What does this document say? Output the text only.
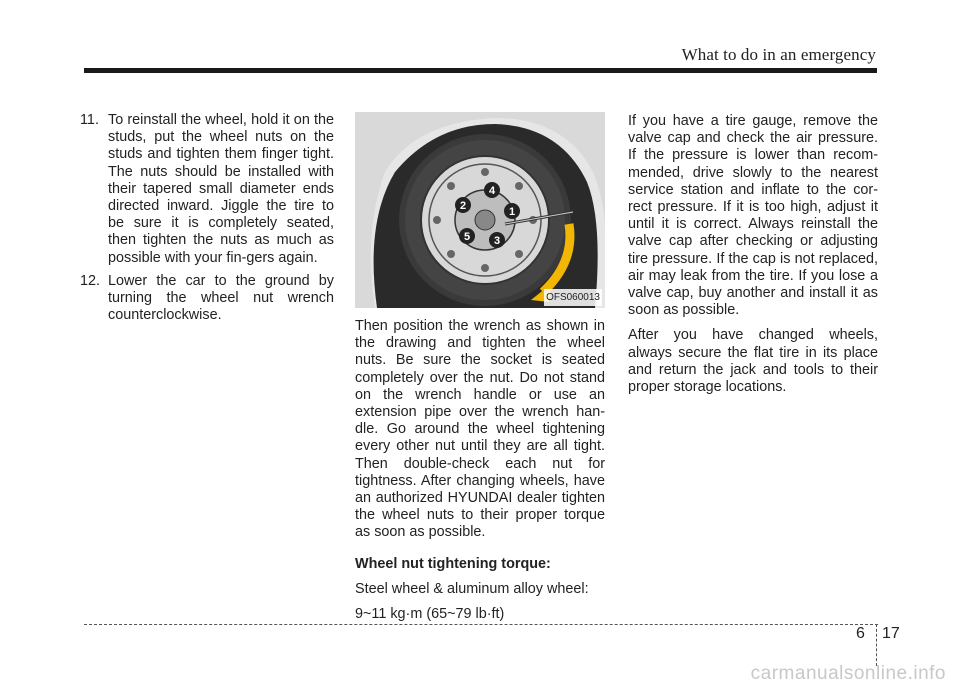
What to do in an emergency
11. To reinstall the wheel, hold it on the studs, put the wheel nuts on the studs and tighten them finger tight. The nuts should be installed with their tapered small diameter ends directed inward. Jiggle the tire to be sure it is completely seated, then tighten the nuts as much as possible with your fin-gers again.
12. Lower the car to the ground by turning the wheel nut wrench counterclockwise.
1
2
3
4
5
OFS060013

Then position the wrench as shown in the drawing and tighten the wheel nuts. Be sure the socket is seated completely over the nut. Do not stand on the wrench handle or use an extension pipe over the wrench han-dle. Go around the wheel tightening every other nut until they are all tight. Then double-check each nut for tightness. After changing wheels, have an authorized HYUNDAI dealer tighten the wheel nuts to their proper torque as soon as possible.

Wheel nut tightening torque:

Steel wheel & aluminum alloy wheel:

9~11 kg·m (65~79 lb·ft)

If you have a tire gauge, remove the valve cap and check the air pressure. If the pressure is lower than recom-mended, drive slowly to the nearest service station and inflate to the cor-rect pressure. If it is too high, adjust it until it is correct. Always reinstall the valve cap after checking or adjusting tire pressure. If the cap is not replaced, air may leak from the tire. If you lose a valve cap, buy another and install it as soon as possible.

After you have changed wheels, always secure the flat tire in its place and return the jack and tools to their proper storage locations.

6 17
carmanualsonline.info
